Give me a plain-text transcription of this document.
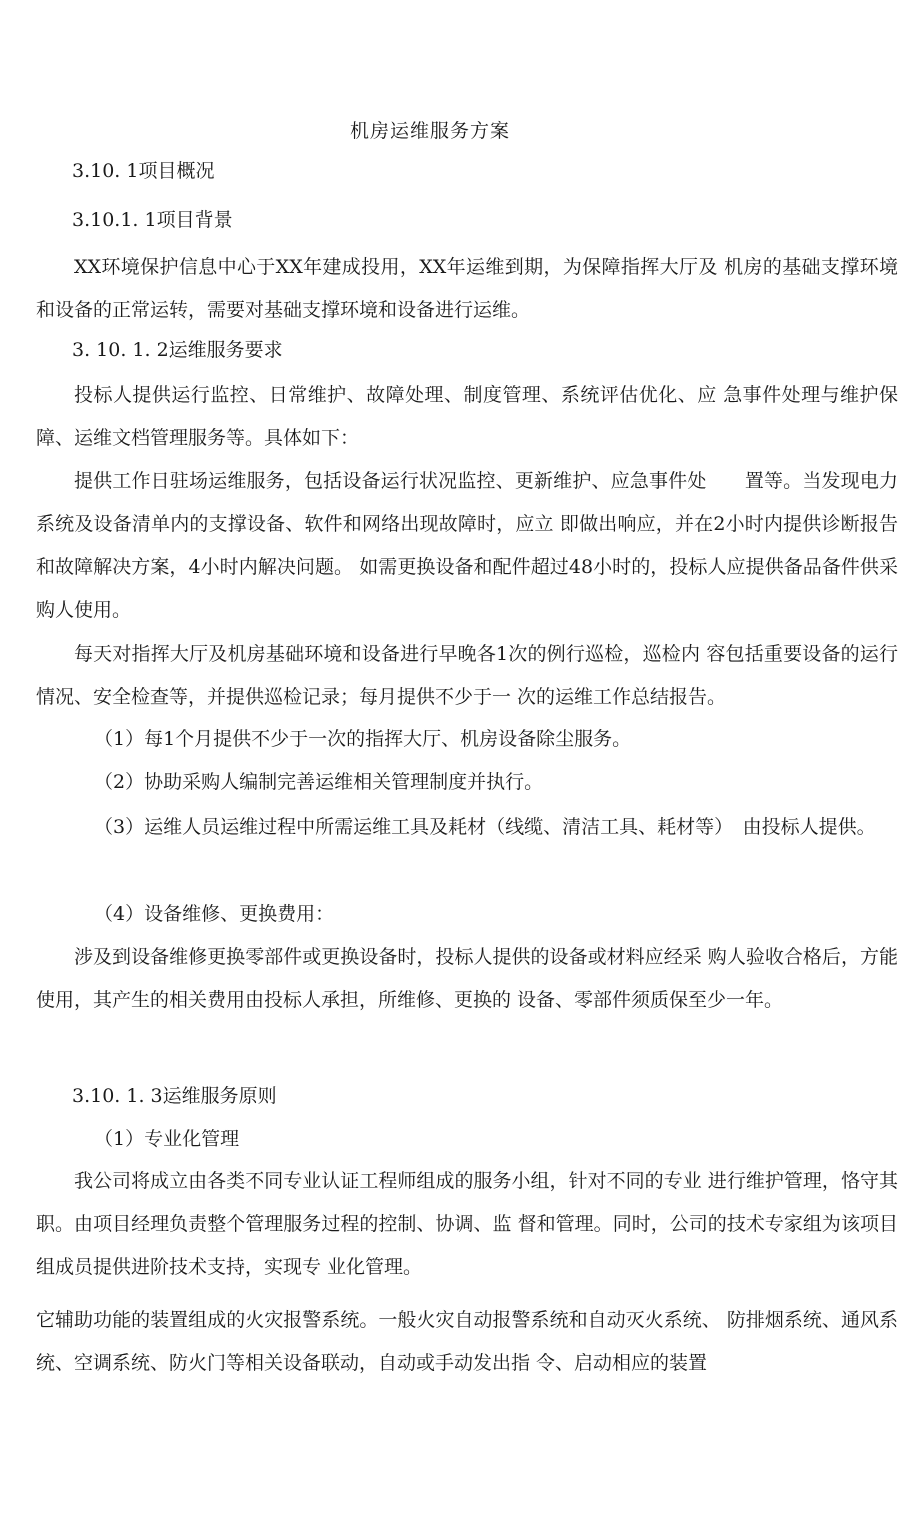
机房运维服务方案
3.10. 1项目概况
3.10.1. 1项目背景
XX环境保护信息中心于XX年建成投用，XX年运维到期，为保障指挥大厅及 机房的基础支撑环境和设备的正常运转，需要对基础支撑环境和设备进行运维。
3. 10. 1. 2运维服务要求
投标人提供运行监控、日常维护、故障处理、制度管理、系统评估优化、应 急事件处理与维护保障、运维文档管理服务等。具体如下：
提供工作日驻场运维服务，包括设备运行状况监控、更新维护、应急事件处　　置等。当发现电力系统及设备清单内的支撑设备、软件和网络出现故障时，应立 即做出响应，并在2小时内提供诊断报告和故障解决方案，4小时内解决问题。 如需更换设备和配件超过48小时的，投标人应提供备品备件供采购人使用。
每天对指挥大厅及机房基础环境和设备进行早晚各1次的例行巡检，巡检内 容包括重要设备的运行情况、安全检查等，并提供巡检记录；每月提供不少于一 次的运维工作总结报告。
（1）每1个月提供不少于一次的指挥大厅、机房设备除尘服务。
（2）协助采购人编制完善运维相关管理制度并执行。
（3）运维人员运维过程中所需运维工具及耗材（线缆、清洁工具、耗材等）　由投标人提供。
（4）设备维修、更换费用：
涉及到设备维修更换零部件或更换设备时，投标人提供的设备或材料应经采 购人验收合格后，方能使用，其产生的相关费用由投标人承担，所维修、更换的 设备、零部件须质保至少一年。
3.10. 1. 3运维服务原则
（1）专业化管理
我公司将成立由各类不同专业认证工程师组成的服务小组，针对不同的专业 进行维护管理，恪守其职。由项目经理负责整个管理服务过程的控制、协调、监 督和管理。同时，公司的技术专家组为该项目组成员提供进阶技术支持，实现专 业化管理。
它辅助功能的装置组成的火灾报警系统。一般火灾自动报警系统和自动灭火系统、 防排烟系统、通风系统、空调系统、防火门等相关设备联动，自动或手动发出指 令、启动相应的装置
